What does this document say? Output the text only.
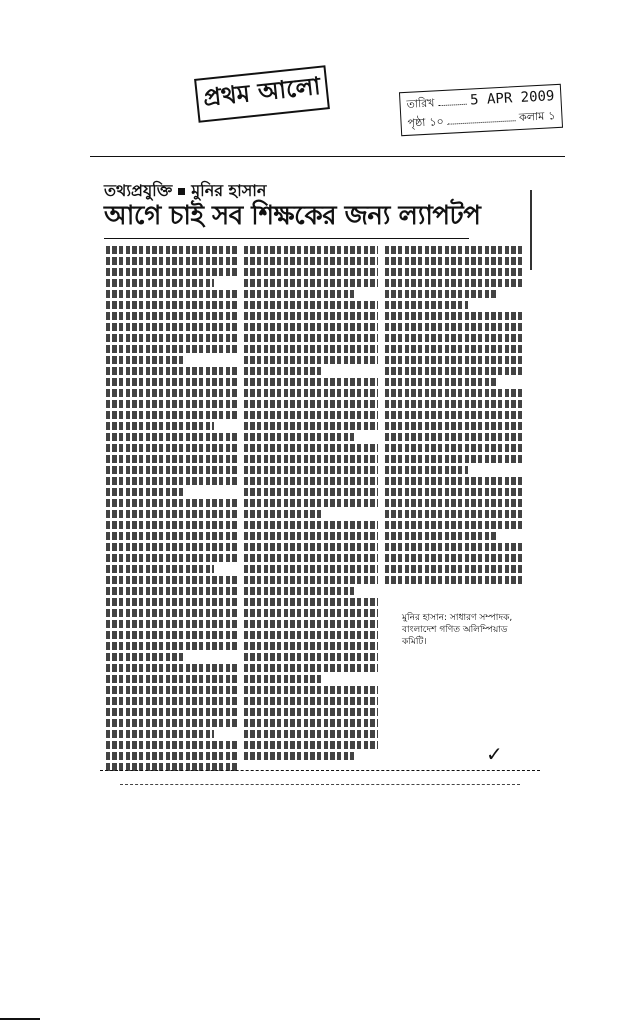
প্রথম আলো	তারিখ 5 APR 2009
পৃষ্ঠা ১০	কলাম ১
তথ্যপ্রযুক্তি মুনির হাসান
আগে চাই সব শিক্ষকের জন্য ল্যাপটপ
মুনির হাসান: সাধারণ সম্পাদক, বাংলাদেশ গণিত অলিম্পিয়াড কমিটি।
✓
